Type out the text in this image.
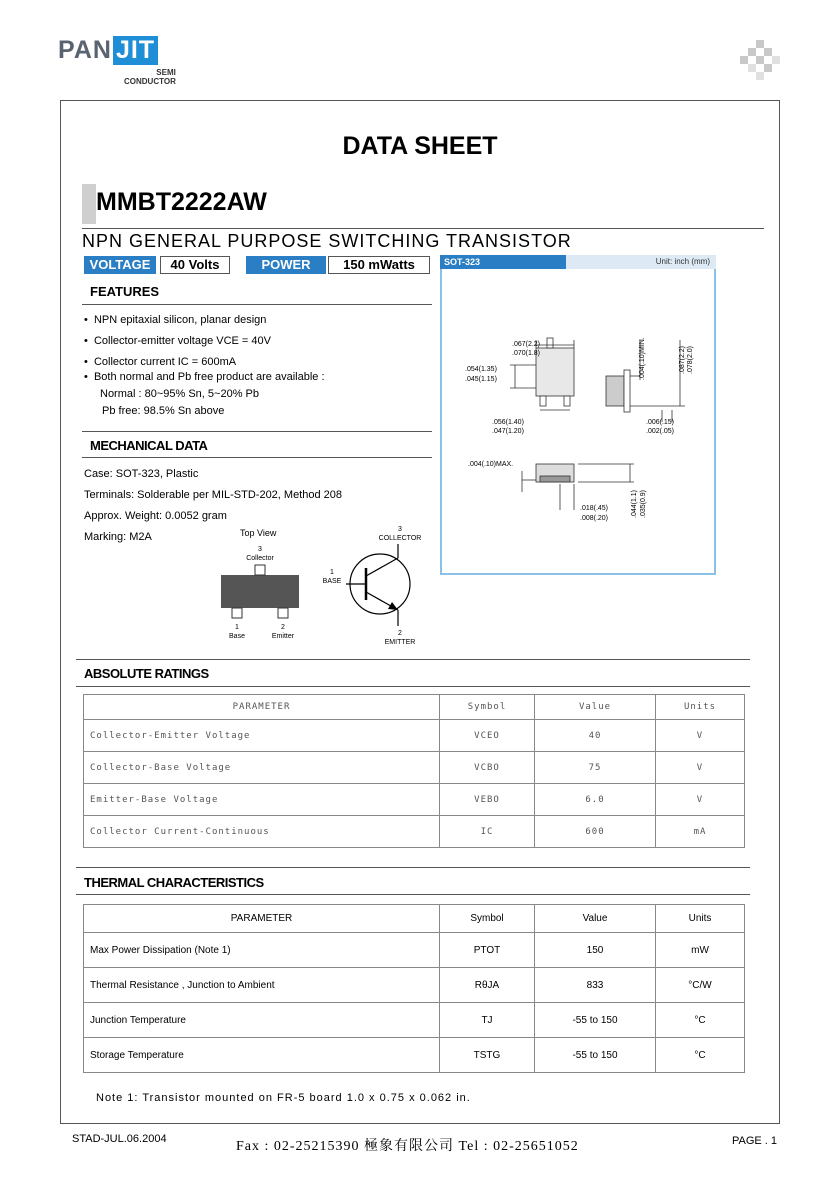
PAN JIT
SEMI
CONDUCTOR
DATA SHEET
MMBT2222AW
NPN GENERAL PURPOSE SWITCHING TRANSISTOR
VOLTAGE	40 Volts	POWER	150 mWatts	SOT-323	Unit: inch (mm)
.067(2.2)
.070(1.8)
.054(1.35)
.045(1.15)
.056(1.40)
.047(1.20)
.004(.10)MIN.	.087(2.2) .078(2.0)
.006(.15)
.002(.05)
.004(.10)MAX.
.018(.45)
.008(.20)
.044(1.1) .035(0.9)
FEATURES
•  NPN epitaxial silicon, planar design
•  Collector-emitter voltage VCE = 40V
•  Collector current IC = 600mA
•  Both normal and Pb free product are available :
Normal : 80~95% Sn, 5~20% Pb
Pb free: 98.5% Sn above
MECHANICAL DATA
Case: SOT-323, Plastic
Terminals: Solderable per MIL-STD-202, Method 208
Approx. Weight: 0.0052 gram
Marking: M2A	Top View
3
Collector
1
Base
2
Emitter
3
COLLECTOR
1
BASE
2
EMITTER
ABSOLUTE RATINGS
PARAMETER	Symbol	Value	Units
Collector-Emitter Voltage	VCEO	40	V
Collector-Base Voltage	VCBO	75	V
Emitter-Base Voltage	VEBO	6.0	V
Collector Current-Continuous	IC	600	mA
THERMAL CHARACTERISTICS
PARAMETER	Symbol	Value	Units
Max Power Dissipation (Note 1)	PTOT	150	mW
Thermal Resistance , Junction to Ambient	RθJA	833	°C/W
Junction Temperature	TJ	-55 to 150	°C
Storage Temperature	TSTG	-55 to 150	°C
Note 1: Transistor mounted on FR-5 board 1.0 x 0.75 x 0.062 in.
STAD-JUL.06.2004	Fax : 02-25215390 極象有限公司 Tel : 02-25651052	PAGE . 1
